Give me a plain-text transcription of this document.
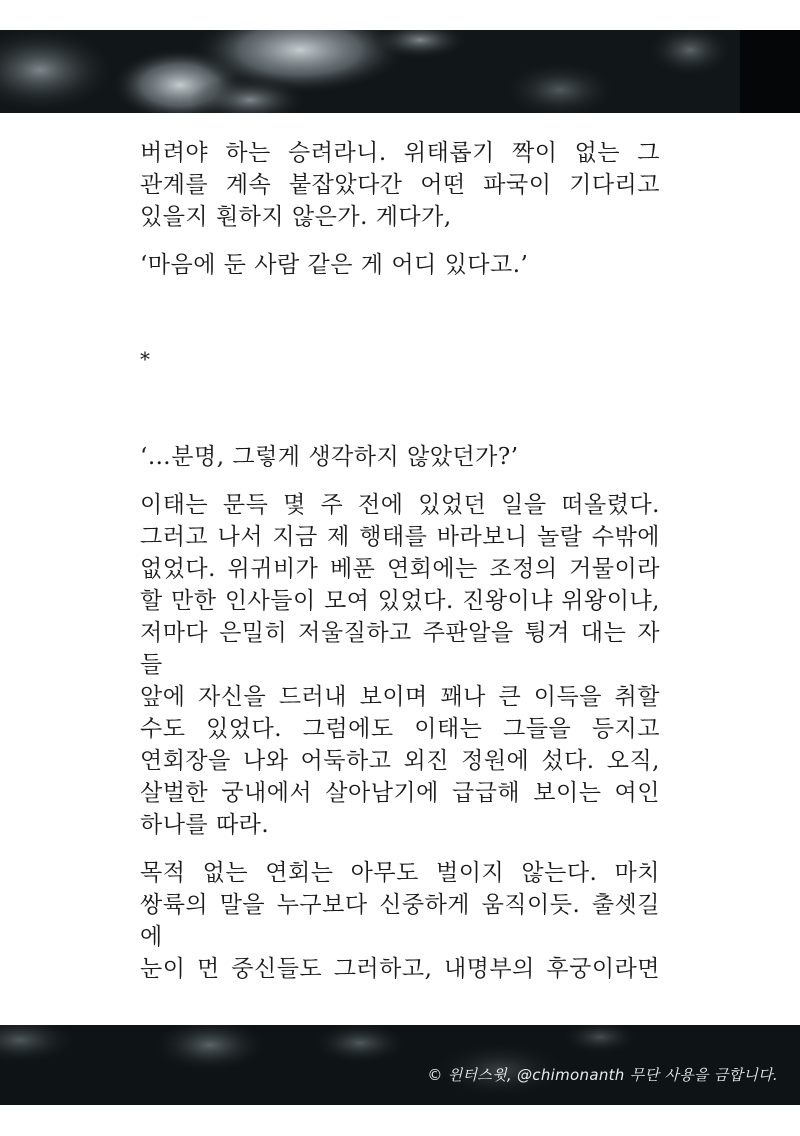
버려야 하는 승려라니. 위태롭기 짝이 없는 그
관계를 계속 붙잡았다간 어떤 파국이 기다리고
있을지 훤하지 않은가. 게다가,

‘마음에 둔 사람 같은 게 어디 있다고.’

*

‘…분명, 그렇게 생각하지 않았던가?’

이태는 문득 몇 주 전에 있었던 일을 떠올렸다.
그러고 나서 지금 제 행태를 바라보니 놀랄 수밖에
없었다. 위귀비가 베푼 연회에는 조정의 거물이라
할 만한 인사들이 모여 있었다. 진왕이냐 위왕이냐,
저마다 은밀히 저울질하고 주판알을 튕겨 대는 자들
앞에 자신을 드러내 보이며 꽤나 큰 이득을 취할
수도 있었다. 그럼에도 이태는 그들을 등지고
연회장을 나와 어둑하고 외진 정원에 섰다. 오직,
살벌한 궁내에서 살아남기에 급급해 보이는 여인
하나를 따라.

목적 없는 연회는 아무도 벌이지 않는다. 마치
쌍륙의 말을 누구보다 신중하게 움직이듯. 출셋길에
눈이 먼 중신들도 그러하고, 내명부의 후궁이라면

© 윈터스윗, @chimonanth 무단 사용을 금합니다.
